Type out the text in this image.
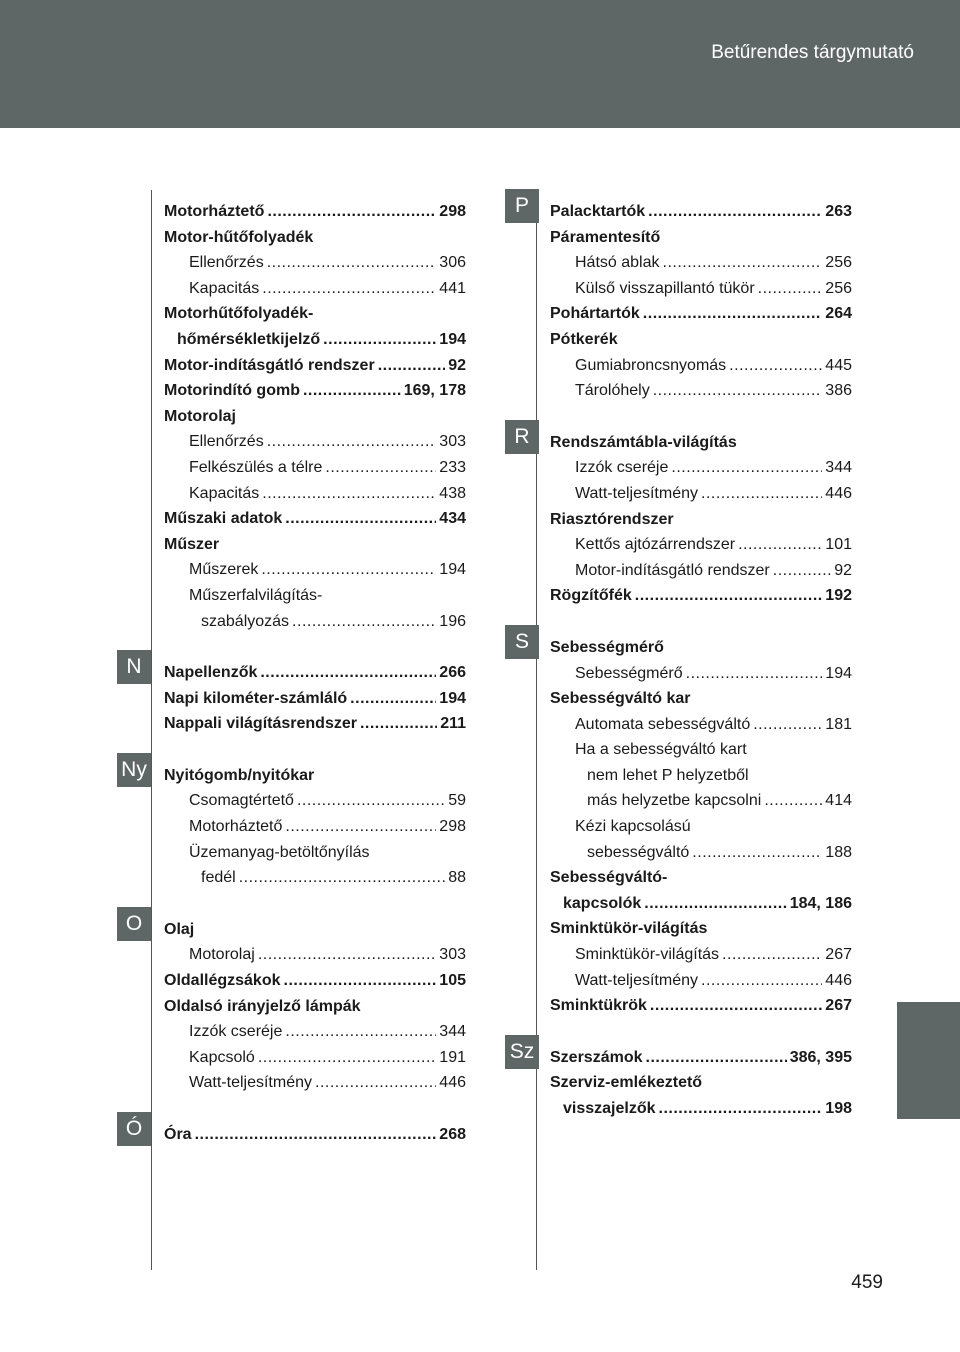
Betűrendes tárgymutató
Motorháztető .....	298
Motor-hűtőfolyadék
Ellenőrzés .....	306
Kapacitás .....	441
Motorhűtőfolyadék-
hőmérsékletkijelző .....	194
Motor-indításgátló rendszer .....	92
Motorindító gomb .....	169, 178
Motorolaj
Ellenőrzés .....	303
Felkészülés a télre .....	233
Kapacitás .....	438
Műszaki adatok .....	434
Műszer
Műszerek .....	194
Műszerfalvilágítás-
szabályozás .....	196
N	Napellenzők .....	266
Napi kilométer-számláló .....	194
Nappali világításrendszer .....	211
Ny Nyitógomb/nyitókar
Csomagtértető .....	59
Motorháztető .....	298
Üzemanyag-betöltőnyílás
fedél .....	88
O	Olaj
Motorolaj .....	303
Oldallégzsákok .....	105
Oldalsó irányjelző lámpák
Izzók cseréje .....	344
Kapcsoló .....	191
Watt-teljesítmény .....	446
Ó	Óra .....	268
P	Palacktartók .....	263
Páramentesítő
Hátsó ablak .....	256
Külső visszapillantó tükör .....	256
Pohártartók .....	264
Pótkerék
Gumiabroncsnyomás .....	445
Tárolóhely .....	386
R	Rendszámtábla-világítás
Izzók cseréje .....	344
Watt-teljesítmény .....	446
Riasztórendszer
Kettős ajtózárrendszer .....	101
Motor-indításgátló rendszer .....	92
Rögzítőfék .....	192
S	Sebességmérő
Sebességmérő .....	194
Sebességváltó kar
Automata sebességváltó .....	181
Ha a sebességváltó kart
nem lehet P helyzetből
más helyzetbe kapcsolni .....	414
Kézi kapcsolású
sebességváltó .....	188
Sebességváltó-
kapcsolók .....	184, 186
Sminktükör-világítás
Sminktükör-világítás .....	267
Watt-teljesítmény .....	446
Sminktükrök .....	267
Sz Szerszámok .....	386, 395
Szerviz-emlékeztető
visszajelzők .....	198
459
